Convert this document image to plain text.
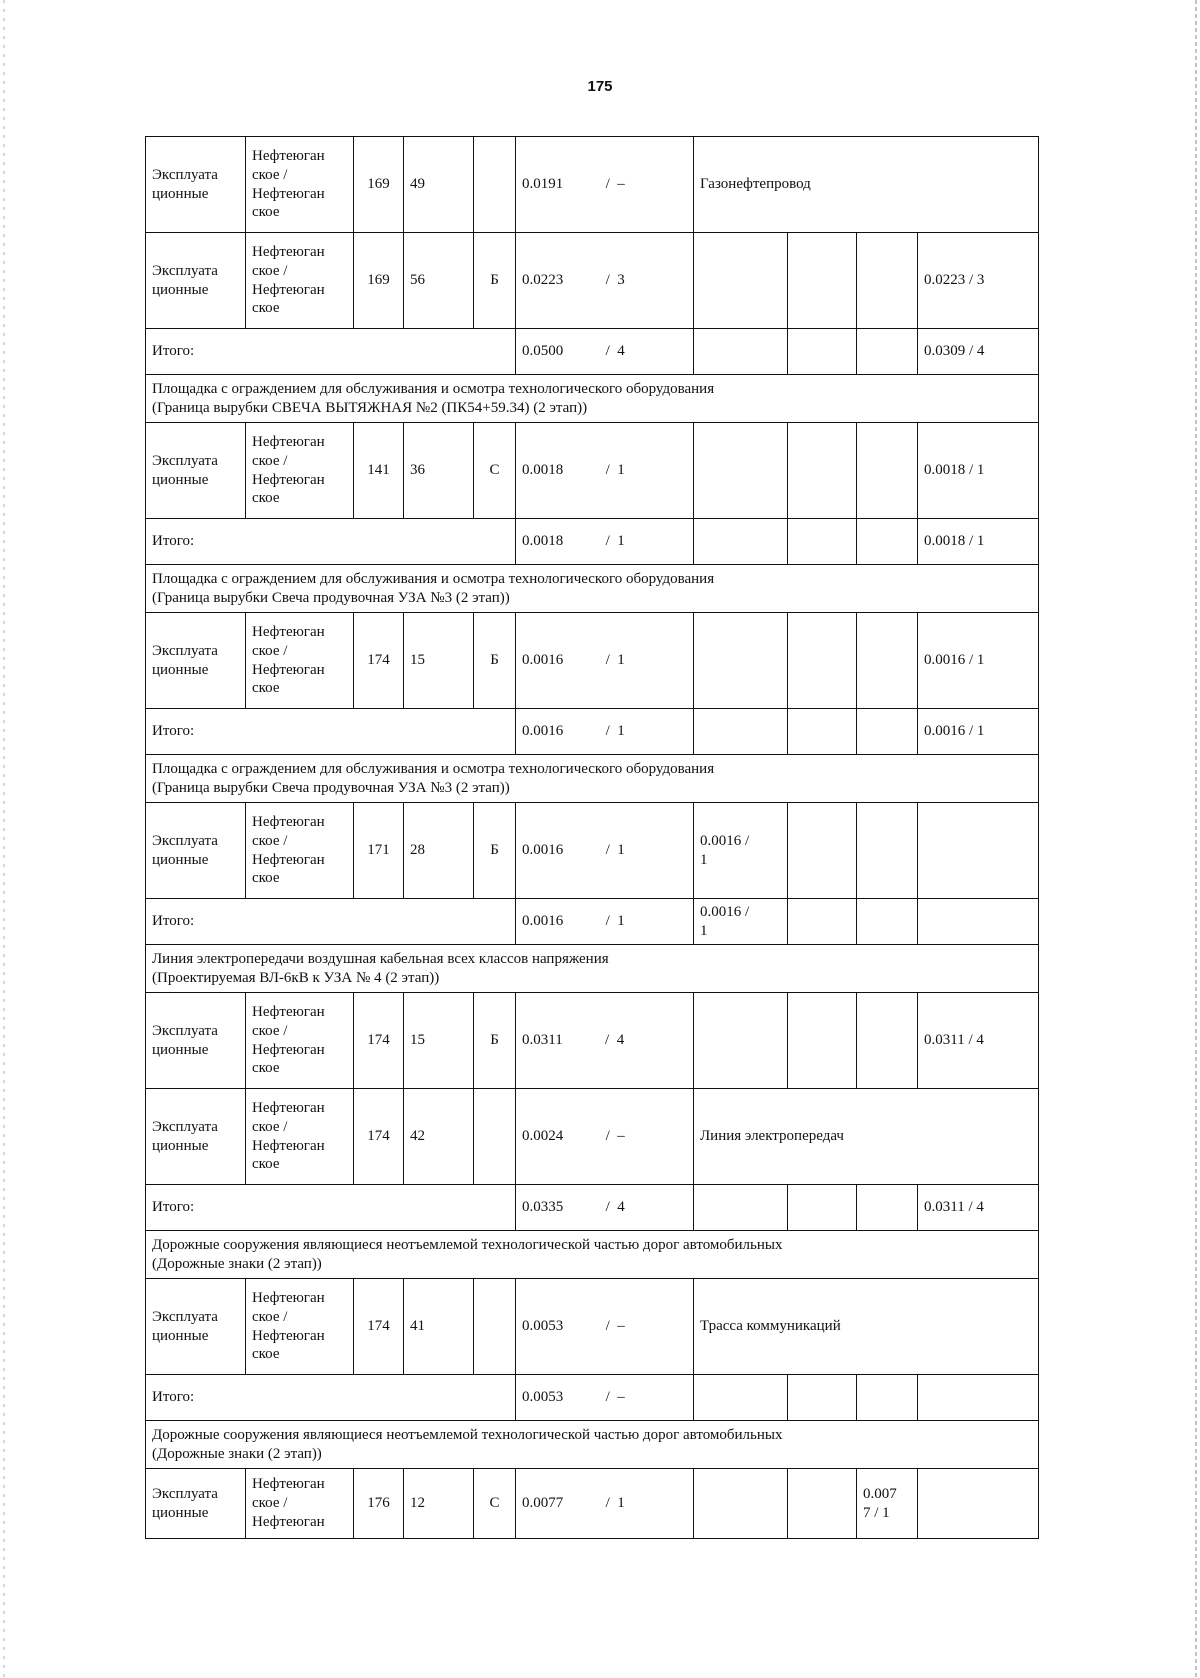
175
Эксплуата
ционные	Нефтеюган
ское /
Нефтеюган
ское	169	49		0.0191 /  –	Газонефтепровод			
Эксплуата
ционные	Нефтеюган
ское /
Нефтеюган
ское	169	56	Б	0.0223 /  3				0.0223 / 3
Итого:					0.0500 /  4				0.0309 / 4
Площадка с ограждением для обслуживания и осмотра технологического оборудования
(Граница вырубки СВЕЧА ВЫТЯЖНАЯ №2 (ПК54+59.34) (2 этап))									
Эксплуата
ционные	Нефтеюган
ское /
Нефтеюган
ское	141	36	С	0.0018 /  1				0.0018 / 1
Итого:					0.0018 /  1				0.0018 / 1
Площадка с ограждением для обслуживания и осмотра технологического оборудования
(Граница вырубки Свеча продувочная УЗА №3 (2 этап))									
Эксплуата
ционные	Нефтеюган
ское /
Нефтеюган
ское	174	15	Б	0.0016 /  1				0.0016 / 1
Итого:					0.0016 /  1				0.0016 / 1
Площадка с ограждением для обслуживания и осмотра технологического оборудования
(Граница вырубки Свеча продувочная УЗА №3 (2 этап))									
Эксплуата
ционные	Нефтеюган
ское /
Нефтеюган
ское	171	28	Б	0.0016 /  1	0.0016 /
1			
Итого:					0.0016 /  1	0.0016 /
1			
Линия электропередачи воздушная кабельная всех классов напряжения
(Проектируемая ВЛ-6кВ к УЗА № 4 (2 этап))									
Эксплуата
ционные	Нефтеюган
ское /
Нефтеюган
ское	174	15	Б	0.0311 /  4				0.0311 / 4
Эксплуата
ционные	Нефтеюган
ское /
Нефтеюган
ское	174	42		0.0024 /  –	Линия электропередач			
Итого:					0.0335 /  4				0.0311 / 4
Дорожные сооружения являющиеся неотъемлемой технологической частью дорог автомобильных
(Дорожные знаки (2 этап))									
Эксплуата
ционные	Нефтеюган
ское /
Нефтеюган
ское	174	41		0.0053 /  –	Трасса коммуникаций			
Итого:					0.0053 /  –				
Дорожные сооружения являющиеся неотъемлемой технологической частью дорог автомобильных
(Дорожные знаки (2 этап))									
Эксплуата
ционные	Нефтеюган
ское /
Нефтеюган	176	12	С	0.0077 /  1			0.007
7 / 1	
